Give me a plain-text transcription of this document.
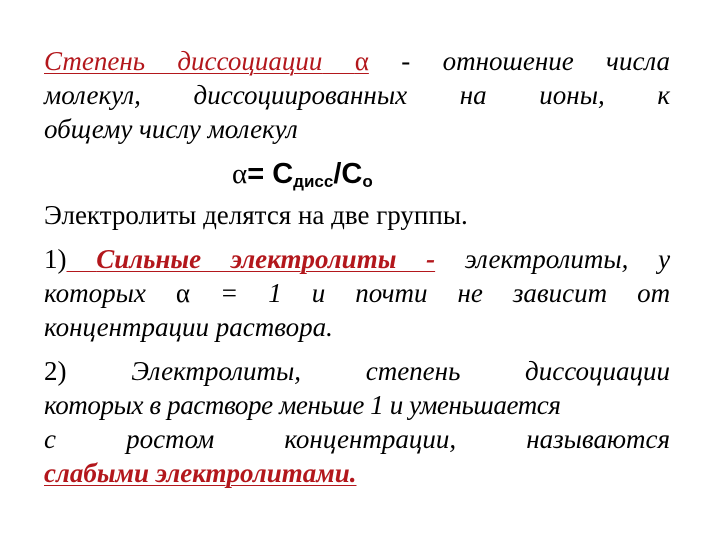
Степень диссоциации α - отношение числа
молекул, диссоциированных на ионы, к
общему числу молекул
$\alpha= С_{дисс}/С_о$
Электролиты делятся на две группы.
1) Сильные электролиты - электролиты, у
которых α = 1 и почти не зависит от
концентрации раствора.
2) Электролиты, степень диссоциации
которых в растворе меньше 1 и уменьшается
с	ростом	концентрации,	называются
слабыми электролитами.
